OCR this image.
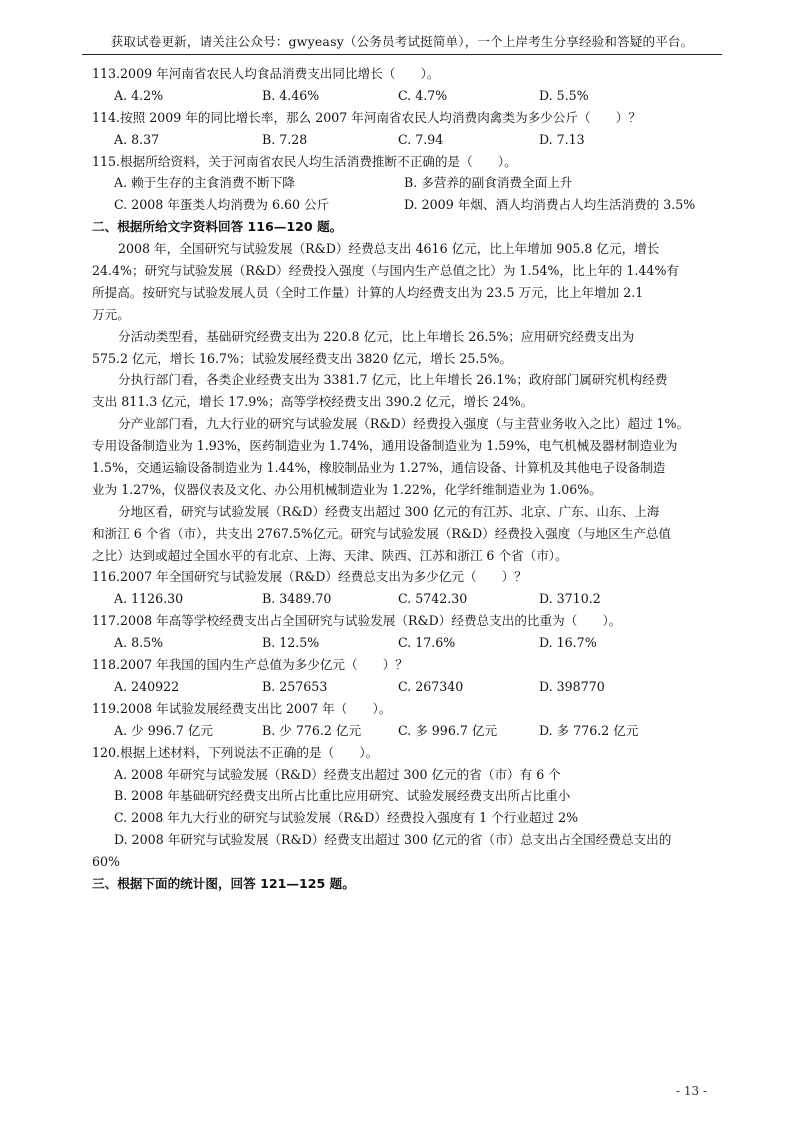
获取试卷更新，请关注公众号：gwyeasy（公务员考试挺简单），一个上岸考生分享经验和答疑的平台。
113.2009 年河南省农民人均食品消费支出同比增长（　　）。
A. 4.2%	B. 4.46%	C. 4.7%	D. 5.5%
114.按照 2009 年的同比增长率，那么 2007 年河南省农民人均消费肉禽类为多少公斤（　　）？
A. 8.37	B. 7.28	C. 7.94	D. 7.13
115.根据所给资料，关于河南省农民人均生活消费推断不正确的是（　　）。
A. 赖于生存的主食消费不断下降	B. 多营养的副食消费全面上升
C. 2008 年蛋类人均消费为 6.60 公斤	D. 2009 年烟、酒人均消费占人均生活消费的 3.5%
二、根据所给文字资料回答 116—120 题。
2008 年，全国研究与试验发展（R&D）经费总支出 4616 亿元，比上年增加 905.8 亿元，增长
24.4%；研究与试验发展（R&D）经费投入强度（与国内生产总值之比）为 1.54%，比上年的 1.44%有
所提高。按研究与试验发展人员（全时工作量）计算的人均经费支出为 23.5 万元，比上年增加 2.1
万元。
分活动类型看，基础研究经费支出为 220.8 亿元，比上年增长 26.5%；应用研究经费支出为
575.2 亿元，增长 16.7%；试验发展经费支出 3820 亿元，增长 25.5%。
分执行部门看，各类企业经费支出为 3381.7 亿元，比上年增长 26.1%；政府部门属研究机构经费
支出 811.3 亿元，增长 17.9%；高等学校经费支出 390.2 亿元，增长 24%。
分产业部门看，九大行业的研究与试验发展（R&D）经费投入强度（与主营业务收入之比）超过 1%。
专用设备制造业为 1.93%，医药制造业为 1.74%，通用设备制造业为 1.59%，电气机械及器材制造业为
1.5%，交通运输设备制造业为 1.44%，橡胶制品业为 1.27%，通信设备、计算机及其他电子设备制造
业为 1.27%，仪器仪表及文化、办公用机械制造业为 1.22%，化学纤维制造业为 1.06%。
分地区看，研究与试验发展（R&D）经费支出超过 300 亿元的有江苏、北京、广东、山东、上海
和浙江 6 个省（市），共支出 2767.5%亿元。研究与试验发展（R&D）经费投入强度（与地区生产总值
之比）达到或超过全国水平的有北京、上海、天津、陕西、江苏和浙江 6 个省（市）。
116.2007 年全国研究与试验发展（R&D）经费总支出为多少亿元（　　）？
A. 1126.30	B. 3489.70	C. 5742.30	D. 3710.2
117.2008 年高等学校经费支出占全国研究与试验发展（R&D）经费总支出的比重为（　　）。
A. 8.5%	B. 12.5%	C. 17.6%	D. 16.7%
118.2007 年我国的国内生产总值为多少亿元（　　）？
A. 240922	B. 257653	C. 267340	D. 398770
119.2008 年试验发展经费支出比 2007 年（　　）。
A. 少 996.7 亿元	B. 少 776.2 亿元	C. 多 996.7 亿元	D. 多 776.2 亿元
120.根据上述材料，下列说法不正确的是（　　）。
A. 2008 年研究与试验发展（R&D）经费支出超过 300 亿元的省（市）有 6 个
B. 2008 年基础研究经费支出所占比重比应用研究、试验发展经费支出所占比重小
C. 2008 年九大行业的研究与试验发展（R&D）经费投入强度有 1 个行业超过 2%
D. 2008 年研究与试验发展（R&D）经费支出超过 300 亿元的省（市）总支出占全国经费总支出的
60%
三、根据下面的统计图，回答 121—125 题。
- 13 -
